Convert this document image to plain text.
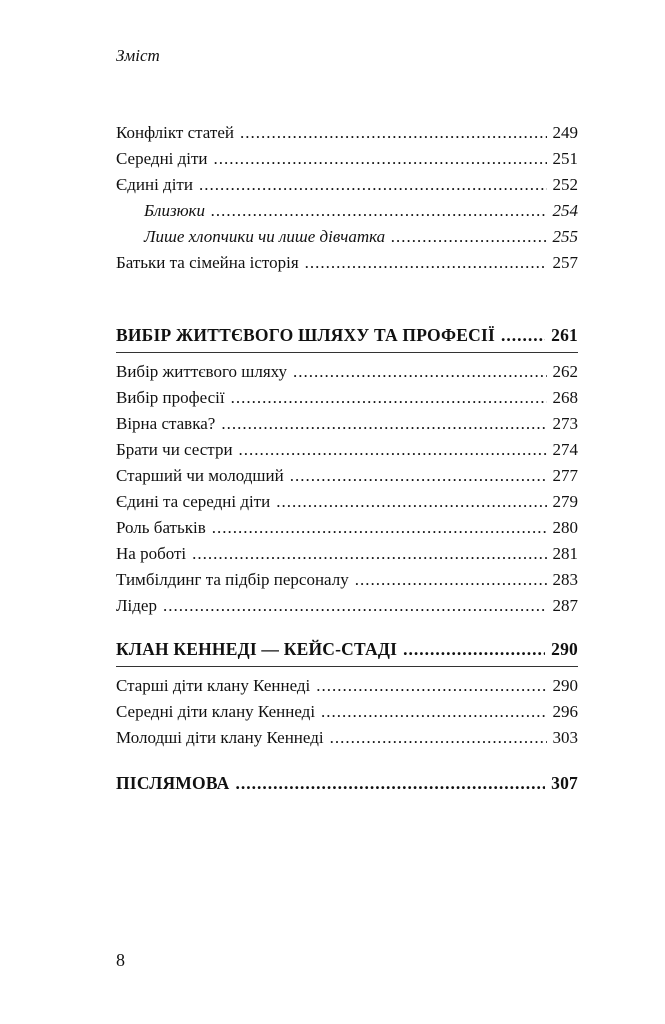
Зміст
Конфлікт статей .....	249
Середні діти .....	251
Єдині діти .....	252
Близюки .....	254
Лише хлопчики чи лише дівчатка .....	255
Батьки та сімейна історія .....	257
ВИБІР ЖИТТЄВОГО ШЛЯХУ ТА ПРОФЕСІЇ .....	261
Вибір життєвого шляху .....	262
Вибір професії .....	268
Вірна ставка? .....	273
Брати чи сестри .....	274
Старший чи молодший .....	277
Єдині та середні діти .....	279
Роль батьків .....	280
На роботі .....	281
Тимбілдинг та підбір персоналу .....	283
Лідер .....	287
КЛАН КЕННЕДІ — КЕЙС-СТАДІ .....	290
Старші діти клану Кеннеді .....	290
Середні діти клану Кеннеді .....	296
Молодші діти клану Кеннеді .....	303
ПІСЛЯМОВА .....	307
8
